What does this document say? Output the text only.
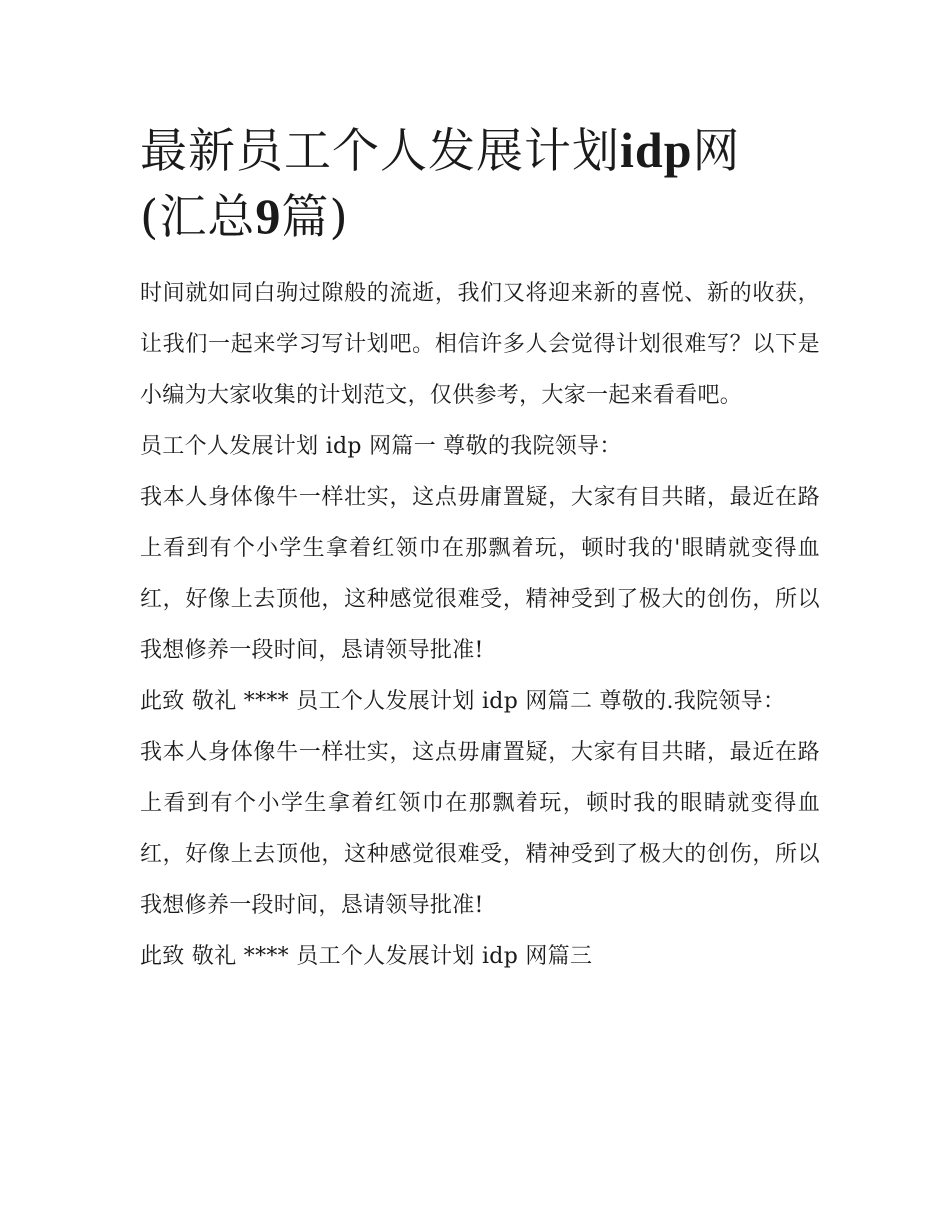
最新员工个人发展计划idp网
(汇总9篇)

时间就如同白驹过隙般的流逝，我们又将迎来新的喜悦、新的收获，让我们一起来学习写计划吧。相信许多人会觉得计划很难写？以下是小编为大家收集的计划范文，仅供参考，大家一起来看看吧。

员工个人发展计划 idp 网篇一 尊敬的我院领导：

我本人身体像牛一样壮实，这点毋庸置疑，大家有目共睹，最近在路上看到有个小学生拿着红领巾在那飘着玩，顿时我的'眼睛就变得血红，好像上去顶他，这种感觉很难受，精神受到了极大的创伤，所以我想修养一段时间，恳请领导批准!

此致 敬礼 **** 员工个人发展计划 idp 网篇二 尊敬的.我院领导：

我本人身体像牛一样壮实，这点毋庸置疑，大家有目共睹，最近在路上看到有个小学生拿着红领巾在那飘着玩，顿时我的眼睛就变得血红，好像上去顶他，这种感觉很难受，精神受到了极大的创伤，所以我想修养一段时间，恳请领导批准!

此致 敬礼 **** 员工个人发展计划 idp 网篇三
